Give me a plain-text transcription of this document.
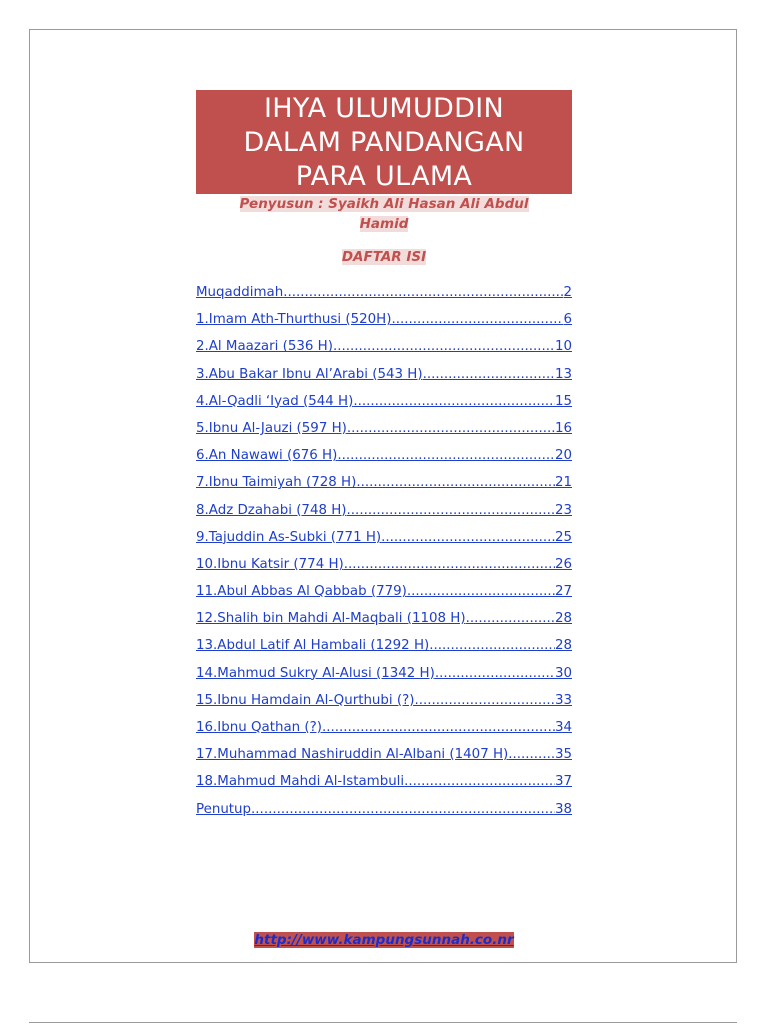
IHYA ULUMUDDIN
DALAM PANDANGAN
PARA ULAMA
Penyusun : Syaikh Ali Hasan Ali Abdul
Hamid
DAFTAR ISI
Muqaddimah .....	2
1.Imam Ath-Thurthusi (520H) .....	6
2.Al Maazari (536 H) .....	10
3.Abu Bakar Ibnu Al’Arabi (543 H) .....	13
4.Al-Qadli ‘Iyad (544 H) .....	15
5.Ibnu Al-Jauzi (597 H) .....	16
6.An Nawawi (676 H) .....	20
7.Ibnu Taimiyah (728 H) .....	21
8.Adz Dzahabi (748 H) .....	23
9.Tajuddin As-Subki (771 H) .....	25
10.Ibnu Katsir (774 H) .....	26
11.Abul Abbas Al Qabbab (779) .....	27
12.Shalih bin Mahdi Al-Maqbali (1108 H) .....	28
13.Abdul Latif Al Hambali (1292 H) .....	28
14.Mahmud Sukry Al-Alusi (1342 H) .....	30
15.Ibnu Hamdain Al-Qurthubi (?) .....	33
16.Ibnu Qathan (?) .....	34
17.Muhammad Nashiruddin Al-Albani (1407 H) .....	35
18.Mahmud Mahdi Al-Istambuli .....	37
Penutup .....	38
http://www.kampungsunnah.co.nr
